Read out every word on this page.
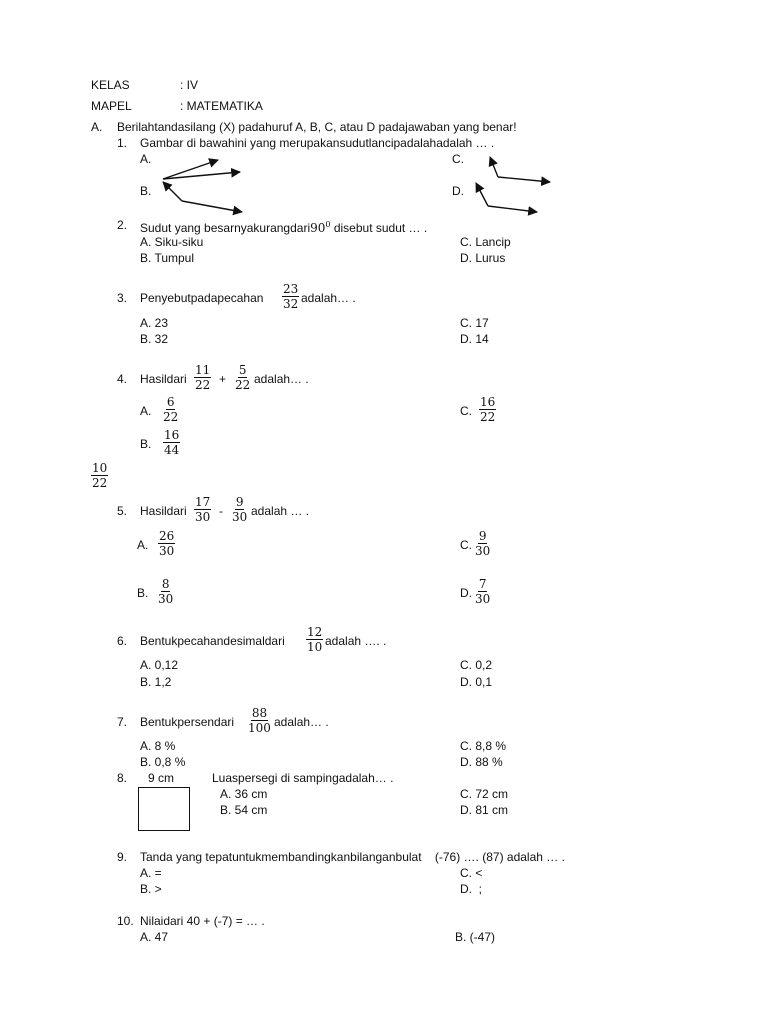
KELAS	: IV
MAPEL	: MATEMATIKA
A. Berilahtandasilang (X) padahuruf A, B, C, atau D padajawaban yang benar!
1. Gambar di bawahini yang merupakansudutlancipadalahadalah … .
A.	C.
B.	D.
2. Sudut yang $besarnyakurangdari90^0$ disebut sudut … .
A. Siku-siku	C. Lancip
B. Tumpul	D. Lurus
3. Penyebutpadapecahan $\frac{23}{32}$ adalah… .
A. 23	C. 17
B. 32	D. 14
4. Hasildari $\frac{11}{22} + \frac{5}{22}$ adalah… .
A. $\frac{6}{22}$	C. $\frac{16}{22}$
B. $\frac{16}{44}$
$\frac{10}{22}$
5. Hasildari $\frac{17}{30} - \frac{9}{30}$ adalah … .
A. $\frac{26}{30}$	C. $\frac{9}{30}$
B. $\frac{8}{30}$	D. $\frac{7}{30}$
6. Bentukpecahandesimaldari $\frac{12}{10}$ adalah …. .
A. 0,12	C. 0,2
B. 1,2	D. 0,1
7. Bentukpersendari $\frac{88}{100}$ adalah… .
A. 8 %	C. 8,8 %
B. 0,8 %	D. 88 %
8. 9 cm	Luaspersegi di sampingadalah… .
A. 36 cm	C. 72 cm
B. 54 cm	D. 81 cm
9. Tanda yang tepatuntukmembandingkanbilanganbulat    (-76) …. (87) adalah … .
A. =	C. <
B. >	D.  ;
10. Nilaidari 40 + (-7) = … .
A. 47	B. (-47)
